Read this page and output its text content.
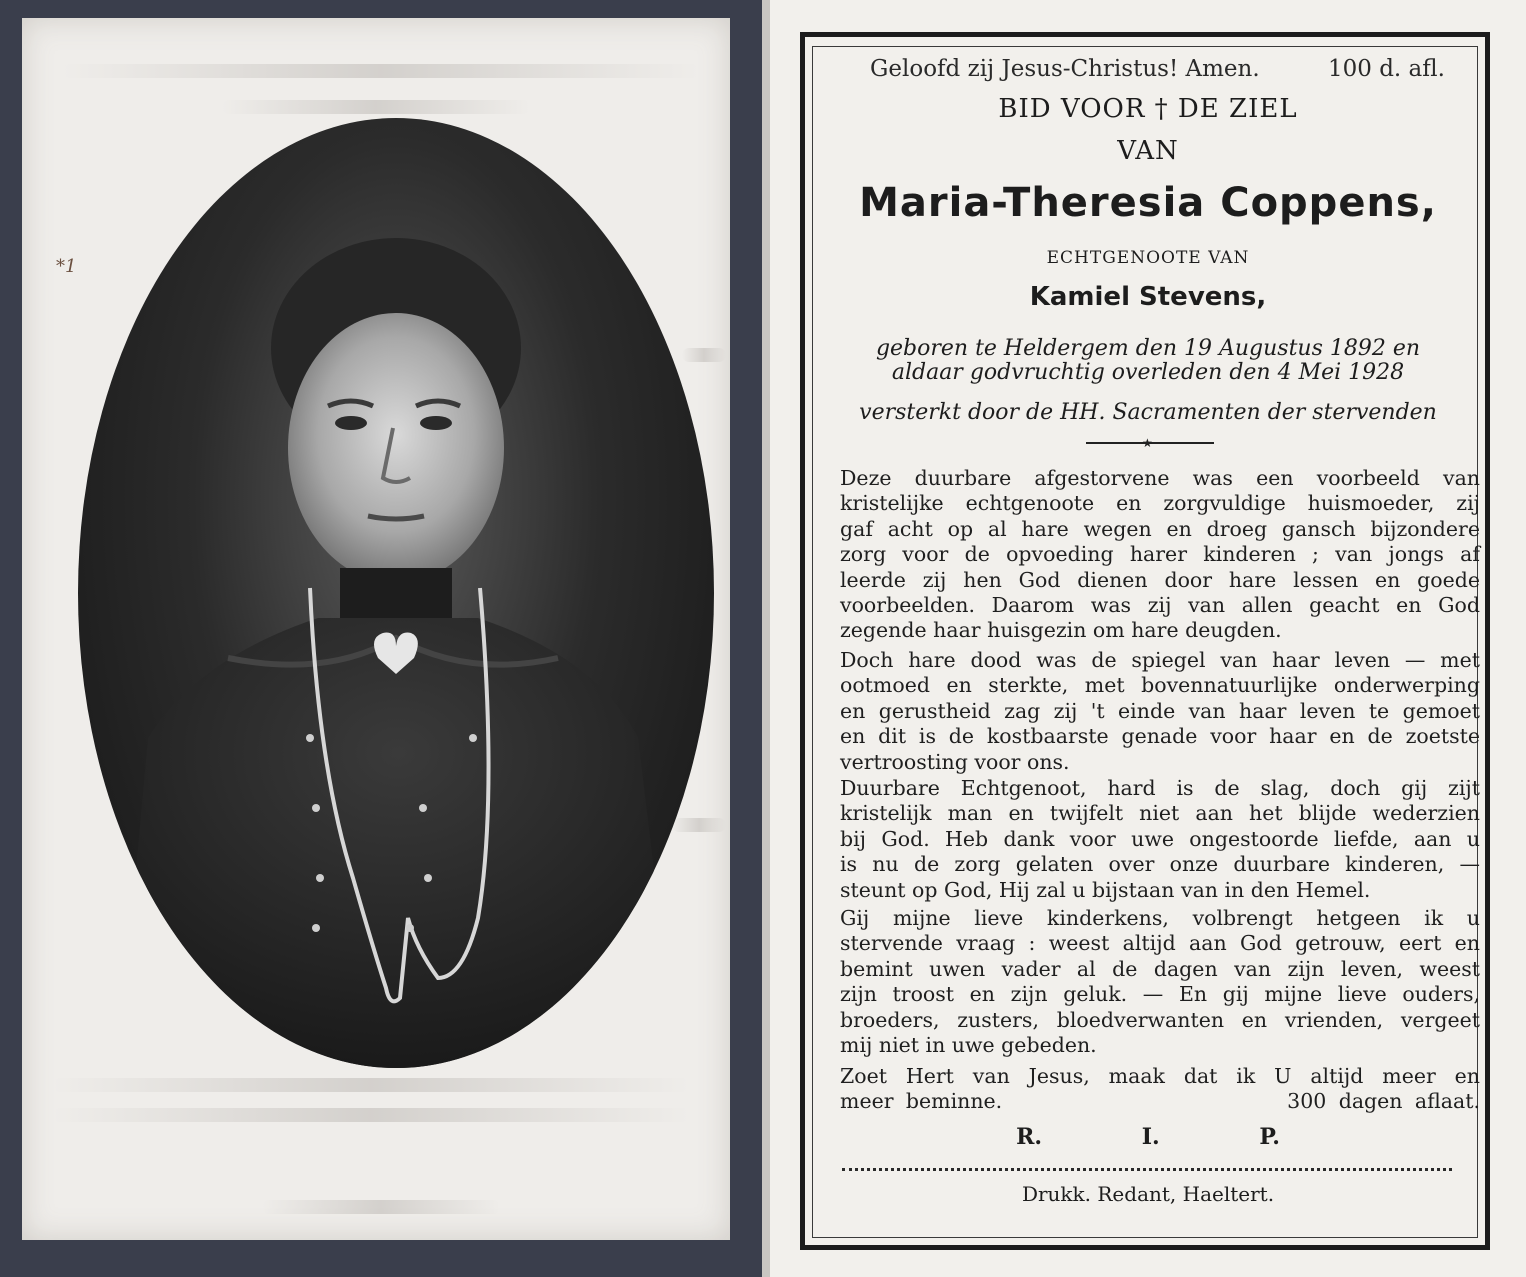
*1
Geloofd zij Jesus-Christus! Amen.	100 d. afl.
BID VOOR † DE ZIEL
VAN
Maria-Theresia Coppens,
ECHTGENOOTE VAN
Kamiel Stevens,
geboren te Heldergem den 19 Augustus 1892 en
aldaar godvruchtig overleden den 4 Mei 1928
versterkt door de HH. Sacramenten der stervenden
★
Deze duurbare afgestorvene was een voorbeeld van
kristelijke echtgenoote en zorgvuldige huismoeder, zij
gaf acht op al hare wegen en droeg gansch bijzondere
zorg voor de opvoeding harer kinderen ; van jongs af
leerde zij hen God dienen door hare lessen en goede
voorbeelden. Daarom was zij van allen geacht en God
zegende haar huisgezin om hare deugden.
Doch hare dood was de spiegel van haar leven — met
ootmoed en sterkte, met bovennatuurlijke onderwerping
en gerustheid zag zij 't einde van haar leven te gemoet
en dit is de kostbaarste genade voor haar en de zoetste
vertroosting voor ons.
Duurbare Echtgenoot, hard is de slag, doch gij zijt
kristelijk man en twijfelt niet aan het blijde wederzien
bij God. Heb dank voor uwe ongestoorde liefde, aan u
is nu de zorg gelaten over onze duurbare kinderen, —
steunt op God, Hij zal u bijstaan van in den Hemel.
Gij mijne lieve kinderkens, volbrengt hetgeen ik u
stervende vraag : weest altijd aan God getrouw, eert en
bemint uwen vader al de dagen van zijn leven, weest
zijn troost en zijn geluk. — En gij mijne lieve ouders,
broeders, zusters, bloedverwanten en vrienden, vergeet
mij niet in uwe gebeden.
Zoet Hert van Jesus, maak dat ik U altijd meer en
meer beminne.                       300 dagen aflaat.
R.	I.	P.
Drukk. Redant, Haeltert.
